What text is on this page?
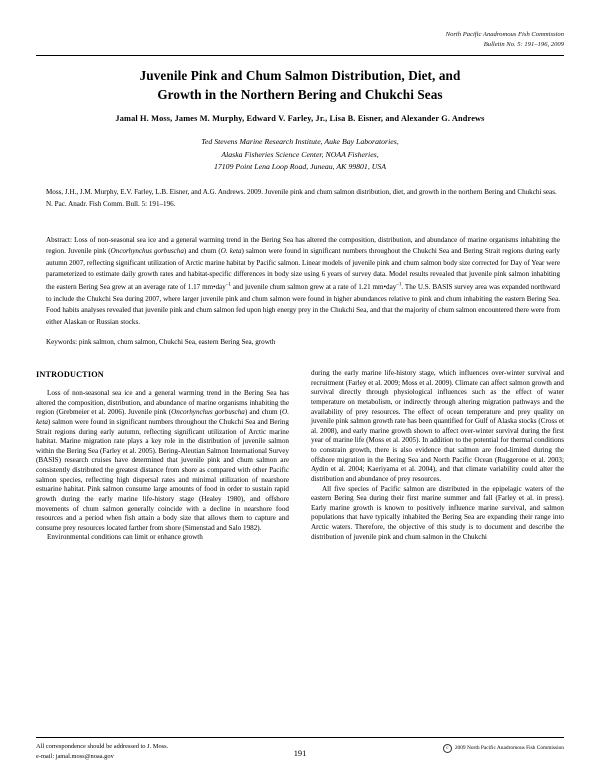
North Pacific Anadromous Fish Commission
Bulletin No. 5: 191–196, 2009
Juvenile Pink and Chum Salmon Distribution, Diet, and
Growth in the Northern Bering and Chukchi Seas
Jamal H. Moss, James M. Murphy, Edward V. Farley, Jr., Lisa B. Eisner, and Alexander G. Andrews
Ted Stevens Marine Research Institute, Auke Bay Laboratories,
Alaska Fisheries Science Center, NOAA Fisheries,
17109 Point Lena Loop Road, Juneau, AK 99801, USA
Moss, J.H., J.M. Murphy, E.V. Farley, L.B. Eisner, and A.G. Andrews. 2009. Juvenile pink and chum salmon distribution, diet, and growth in the northern Bering and Chukchi seas. N. Pac. Anadr. Fish Comm. Bull. 5: 191–196.
Abstract: Loss of non-seasonal sea ice and a general warming trend in the Bering Sea has altered the composition, distribution, and abundance of marine organisms inhabiting the region. Juvenile pink (Oncorhynchus gorbuscha) and chum (O. keta) salmon were found in significant numbers throughout the Chukchi Sea and Bering Strait regions during early autumn 2007, reflecting significant utilization of Arctic marine habitat by Pacific salmon. Linear models of juvenile pink and chum salmon body size corrected for Day of Year were parameterized to estimate daily growth rates and habitat-specific differences in body size using 6 years of survey data. Model results revealed that juvenile pink salmon inhabiting the eastern Bering Sea grew at an average rate of 1.17 mm•day$^{-1}$ and juvenile chum salmon grew at a rate of 1.21 mm•day$^{-1}$. The U.S. BASIS survey area was expanded northward to include the Chukchi Sea during 2007, where larger juvenile pink and chum salmon were found in higher abundances relative to pink and chum inhabiting the eastern Bering Sea. Food habits analyses revealed that juvenile pink and chum salmon fed upon high energy prey in the Chukchi Sea, and that the majority of chum salmon encountered there were from either Alaskan or Russian stocks.
Keywords: pink salmon, chum salmon, Chukchi Sea, eastern Bering Sea, growth
INTRODUCTION

Loss of non-seasonal sea ice and a general warming trend in the Bering Sea has altered the composition, distribution, and abundance of marine organisms inhabiting the region (Grebmeier et al. 2006). Juvenile pink (Oncorhynchus gorbuscha) and chum (O. keta) salmon were found in significant numbers throughout the Chukchi Sea and Bering Strait regions during early autumn, reflecting significant utilization of Arctic marine habitat. Marine migration rate plays a key role in the distribution of juvenile salmon within the Bering Sea (Farley et al. 2005). Bering-Aleutian Salmon International Survey (BASIS) research cruises have determined that juvenile pink and chum salmon are consistently distributed the greatest distance from shore as compared with other Pacific salmon species, reflecting high dispersal rates and minimal utilization of nearshore estuarine habitat. Pink salmon consume large amounts of food in order to sustain rapid growth during the early marine life-history stage (Healey 1980), and offshore movements of chum salmon generally coincide with a decline in nearshore food resources and a period when fish attain a body size that allows them to capture and consume prey resources located farther from shore (Simenstad and Salo 1982).

Environmental conditions can limit or enhance growth

during the early marine life-history stage, which influences over-winter survival and recruitment (Farley et al. 2009; Moss et al. 2009). Climate can affect salmon growth and survival directly through physiological influences such as the effect of water temperature on metabolism, or indirectly through altering migration pathways and the availability of prey resources. The effect of ocean temperature and prey quality on juvenile pink salmon growth rate has been quantified for Gulf of Alaska stocks (Cross et al. 2008), and early marine growth shown to affect over-winter survival during the first year of marine life (Moss et al. 2005). In addition to the potential for thermal conditions to constrain growth, there is also evidence that salmon are food-limited during the offshore migration in the Bering Sea and North Pacific Ocean (Ruggerone et al. 2003; Aydin et al. 2004; Kaeriyama et al. 2004), and that climate variability could alter the distribution and abundance of prey resources.

All five species of Pacific salmon are distributed in the epipelagic waters of the eastern Bering Sea during their first marine summer and fall (Farley et al. in press). Early marine growth is known to positively influence marine survival, and salmon populations that have typically inhabited the Bering Sea are expanding their range into Arctic waters. Therefore, the objective of this study is to document and describe the distribution of juvenile pink and chum salmon in the Chukchi

All correspondence should be addressed to J. Moss.
e-mail: jamal.moss@noaa.gov	191
c	2009 North Pacific Anadromous Fish Commission
